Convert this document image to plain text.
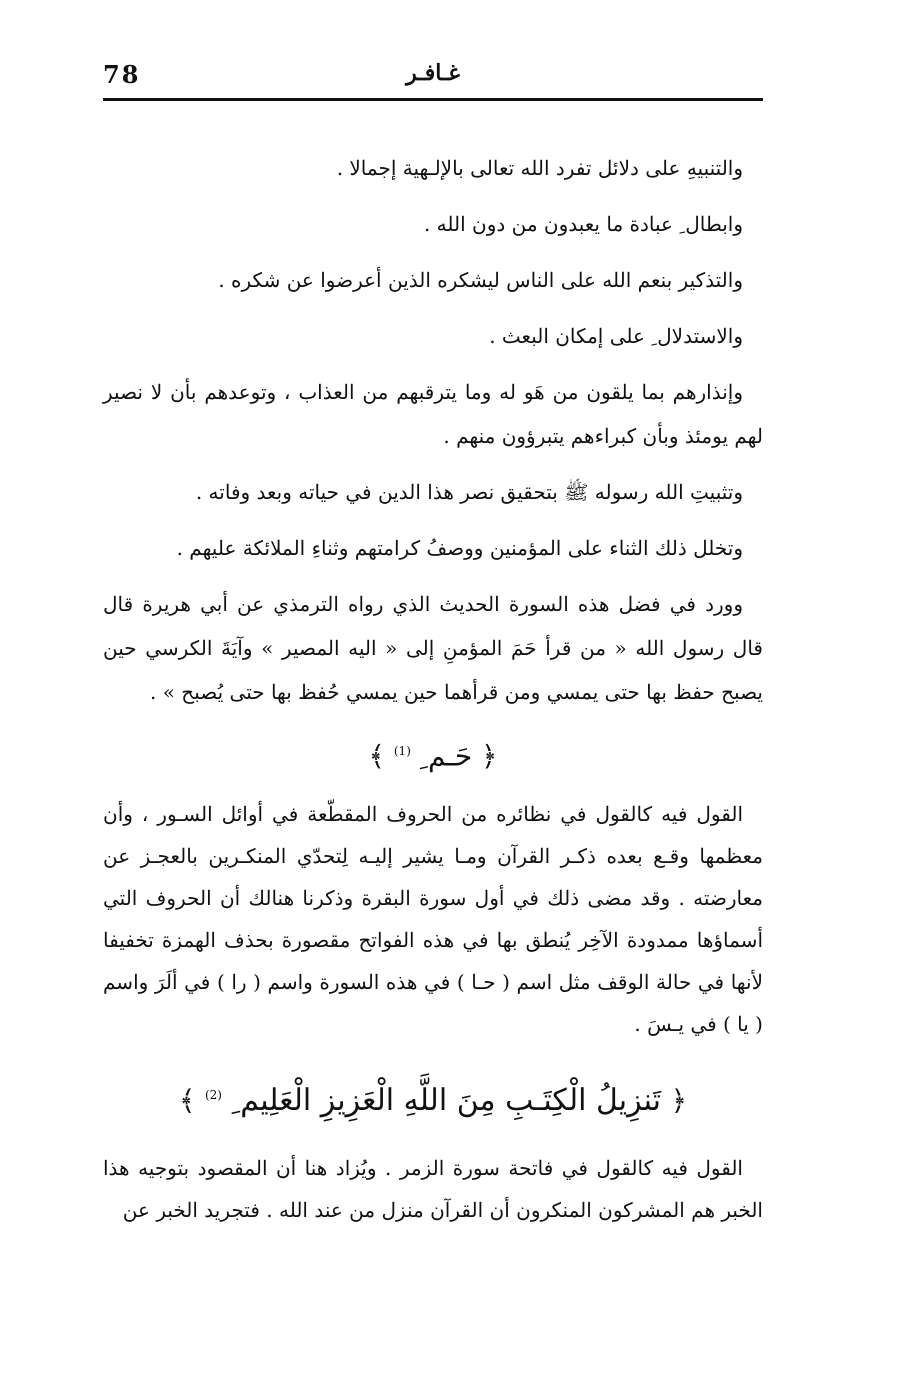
78	غـافـر

والتنبيهِ على دلائل تفرد الله تعالى بالإلـهية إجمالا .

وابطال ِ عبادة ما يعبدون من دون الله .

والتذكير بنعم الله على الناس ليشكره الذين أعرضوا عن شكره .

والاستدلال ِ على إمكان البعث .

وإنذارهم بما يلقون من هَو له وما يترقبهم من العذاب ، وتوعدهم بأن لا نصير لهم يومئذ وبأن كبراءهم يتبرؤون منهم .

وتثبيتِ الله رسوله ﷺ بتحقيق نصر هذا الدين في حياته وبعد وفاته .

وتخلل ذلك الثناء على المؤمنين ووصفُ كرامتهم وثناءِ الملائكة عليهم .

وورد في فضل هذه السورة الحديث الذي رواه الترمذي عن أبي هريرة قال قال رسول الله « من قرأ حَمَ المؤمنِ إلى « اليه المصير » وآيَةَ الكرسي حين يصبح حفظ بها حتى يمسي ومن قرأهما حين يمسي حُفظ بها حتى يُصبح » .

﴿ حَـم ِ $^{(1)}$ ﴾

القول فيه كالقول في نظائره من الحروف المقطّعة في أوائل السـور ، وأن معظمها وقـع بعده ذكـر القرآن ومـا يشير إليـه لِتحدّي المنكـرين بالعجـز عن معارضته . وقد مضى ذلك في أول سورة البقرة وذكرنا هنالك أن الحروف التي أسماؤها ممدودة الآخِر يُنطق بها في هذه الفواتح مقصورة بحذف الهمزة تخفيفا لأنها في حالة الوقف مثل اسم ( حـا ) في هذه السورة واسم ( را ) في ألَرَ واسم ( يا ) في يـسَ .

﴿ تَنزِيلُ الْكِتَـبِ مِنَ اللَّهِ الْعَزِيزِ الْعَلِيم ِ $^{(2)}$ ﴾

القول فيه كالقول في فاتحة سورة الزمر . ويُزاد هنا أن المقصود بتوجيه هذا الخبر هم المشركون المنكرون أن القرآن منزل من عند الله . فتجريد الخبر عن
